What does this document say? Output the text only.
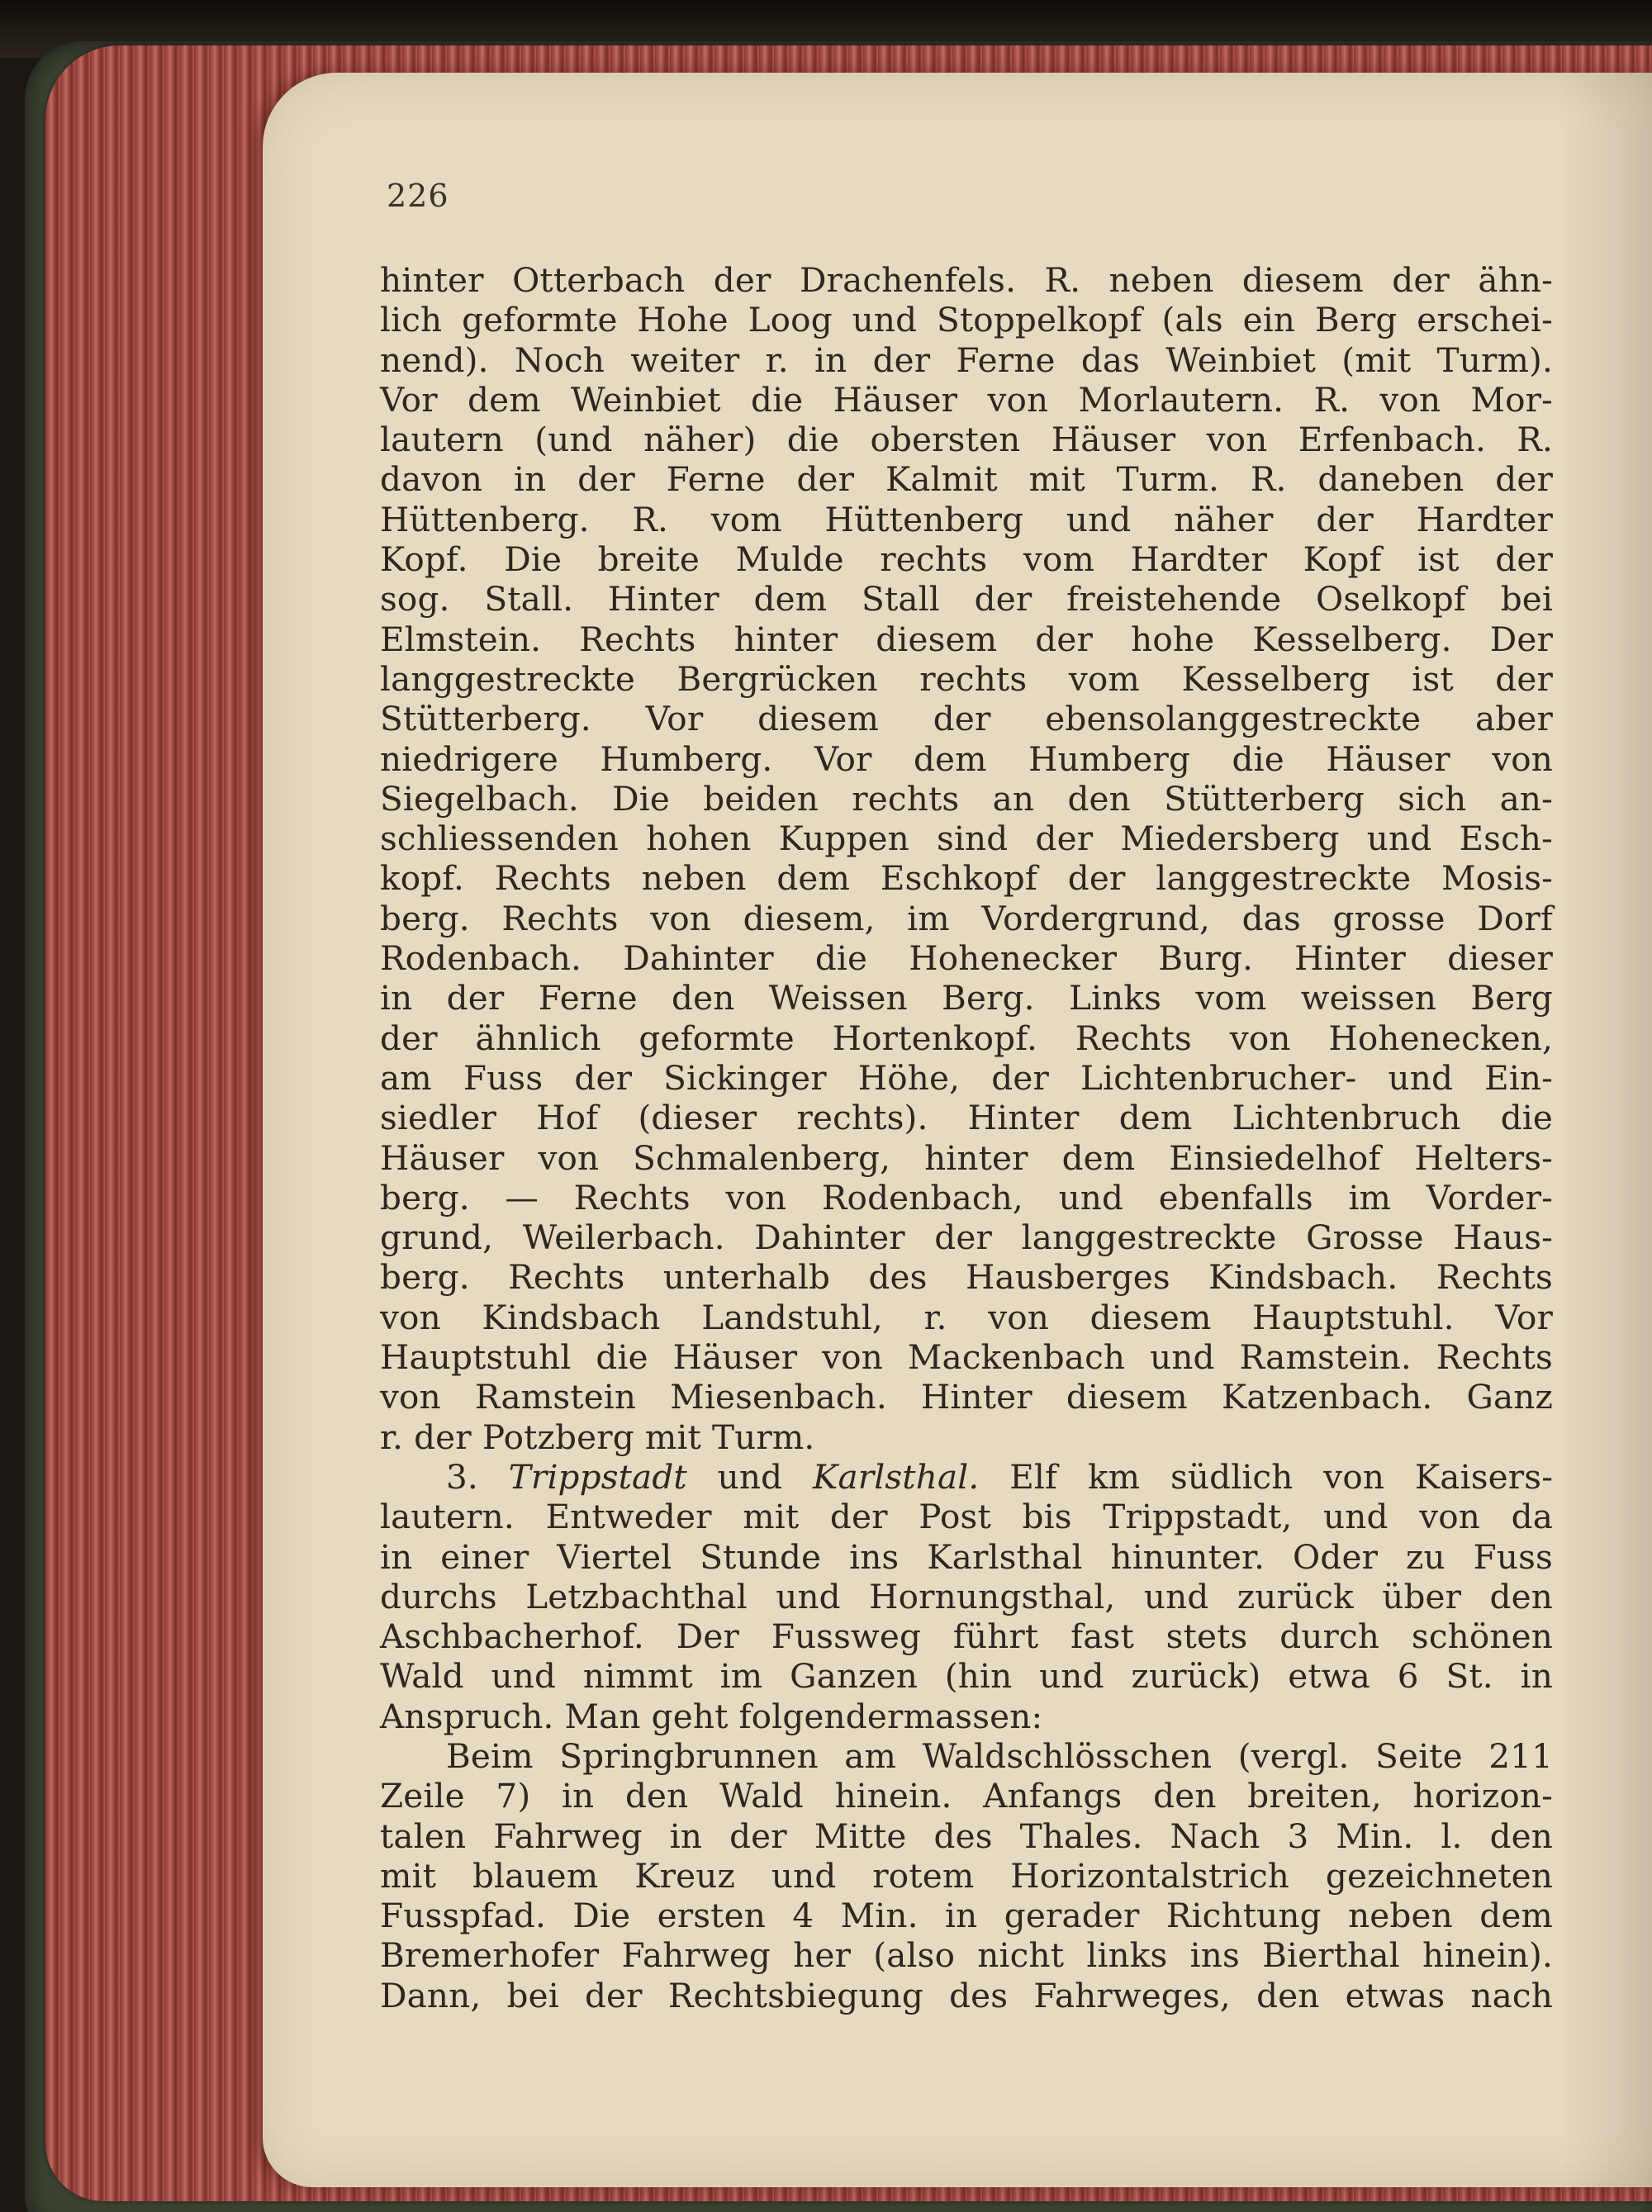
226
hinter Otterbach der Drachenfels. R. neben diesem der ähn-
lich geformte Hohe Loog und Stoppelkopf (als ein Berg erschei-
nend). Noch weiter r. in der Ferne das Weinbiet (mit Turm).
Vor dem Weinbiet die Häuser von Morlautern. R. von Mor-
lautern (und näher) die obersten Häuser von Erfenbach. R.
davon in der Ferne der Kalmit mit Turm. R. daneben der
Hüttenberg. R. vom Hüttenberg und näher der Hardter
Kopf. Die breite Mulde rechts vom Hardter Kopf ist der
sog. Stall. Hinter dem Stall der freistehende Oselkopf bei
Elmstein. Rechts hinter diesem der hohe Kesselberg. Der
langgestreckte Bergrücken rechts vom Kesselberg ist der
Stütterberg. Vor diesem der ebensolanggestreckte aber
niedrigere Humberg. Vor dem Humberg die Häuser von
Siegelbach. Die beiden rechts an den Stütterberg sich an-
schliessenden hohen Kuppen sind der Miedersberg und Esch-
kopf. Rechts neben dem Eschkopf der langgestreckte Mosis-
berg. Rechts von diesem, im Vordergrund, das grosse Dorf
Rodenbach. Dahinter die Hohenecker Burg. Hinter dieser
in der Ferne den Weissen Berg. Links vom weissen Berg
der ähnlich geformte Hortenkopf. Rechts von Hohenecken,
am Fuss der Sickinger Höhe, der Lichtenbrucher- und Ein-
siedler Hof (dieser rechts). Hinter dem Lichtenbruch die
Häuser von Schmalenberg, hinter dem Einsiedelhof Helters-
berg. — Rechts von Rodenbach, und ebenfalls im Vorder-
grund, Weilerbach. Dahinter der langgestreckte Grosse Haus-
berg. Rechts unterhalb des Hausberges Kindsbach. Rechts
von Kindsbach Landstuhl, r. von diesem Hauptstuhl. Vor
Hauptstuhl die Häuser von Mackenbach und Ramstein. Rechts
von Ramstein Miesenbach. Hinter diesem Katzenbach. Ganz
r. der Potzberg mit Turm.
3. Trippstadt und Karlsthal. Elf km südlich von Kaisers-
lautern. Entweder mit der Post bis Trippstadt, und von da
in einer Viertel Stunde ins Karlsthal hinunter. Oder zu Fuss
durchs Letzbachthal und Hornungsthal, und zurück über den
Aschbacherhof. Der Fussweg führt fast stets durch schönen
Wald und nimmt im Ganzen (hin und zurück) etwa 6 St. in
Anspruch. Man geht folgendermassen:
Beim Springbrunnen am Waldschlösschen (vergl. Seite 211
Zeile 7) in den Wald hinein. Anfangs den breiten, horizon-
talen Fahrweg in der Mitte des Thales. Nach 3 Min. l. den
mit blauem Kreuz und rotem Horizontalstrich gezeichneten
Fusspfad. Die ersten 4 Min. in gerader Richtung neben dem
Bremerhofer Fahrweg her (also nicht links ins Bierthal hinein).
Dann, bei der Rechtsbiegung des Fahrweges, den etwas nach
